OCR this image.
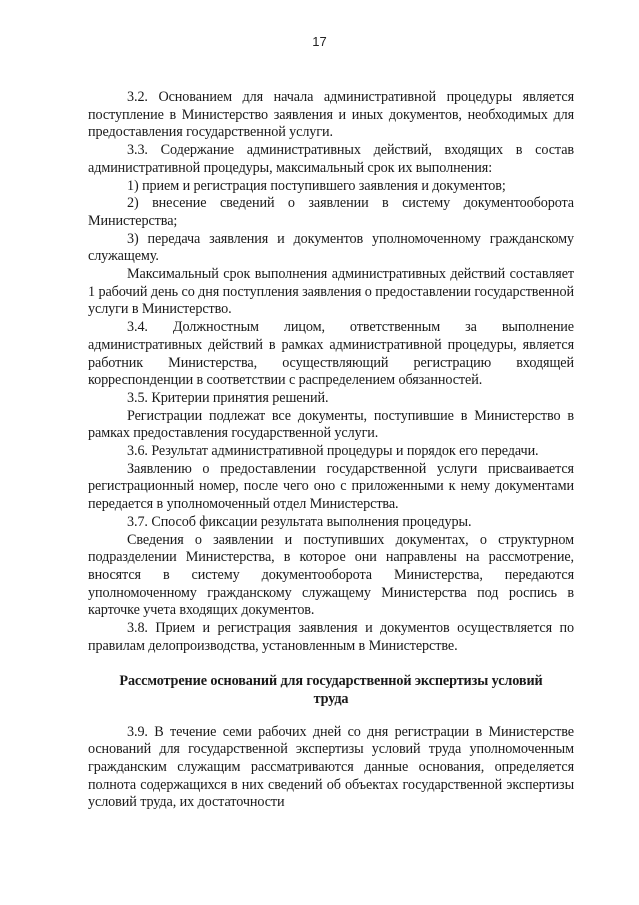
17

3.2. Основанием для начала административной процедуры является поступление в Министерство заявления и иных документов, необходимых для предоставления государственной услуги.

3.3. Содержание административных действий, входящих в состав административной процедуры, максимальный срок их выполнения:

1) прием и регистрация поступившего заявления и документов;

2) внесение сведений о заявлении в систему документооборота Министерства;

3) передача заявления и документов уполномоченному гражданскому служащему.

Максимальный срок выполнения административных действий составляет 1 рабочий день со дня поступления заявления о предоставлении государственной услуги в Министерство.

3.4. Должностным лицом, ответственным за выполнение административных действий в рамках административной процедуры, является работник Министерства, осуществляющий регистрацию входящей корреспонденции в соответствии с распределением обязанностей.

3.5. Критерии принятия решений.

Регистрации подлежат все документы, поступившие в Министерство в рамках предоставления государственной услуги.

3.6. Результат административной процедуры и порядок его передачи.

Заявлению о предоставлении государственной услуги присваивается регистрационный номер, после чего оно с приложенными к нему документами передается в уполномоченный отдел Министерства.

3.7. Способ фиксации результата выполнения процедуры.

Сведения о заявлении и поступивших документах, о структурном подразделении Министерства, в которое они направлены на рассмотрение, вносятся в систему документооборота Министерства, передаются уполномоченному гражданскому служащему Министерства под роспись в карточке учета входящих документов.

3.8. Прием и регистрация заявления и документов осуществляется по правилам делопроизводства, установленным в Министерстве.

Рассмотрение оснований для государственной экспертизы условий труда

3.9. В течение семи рабочих дней со дня регистрации в Министерстве оснований для государственной экспертизы условий труда уполномоченным гражданским служащим рассматриваются данные основания, определяется полнота содержащихся в них сведений об объектах государственной экспертизы условий труда, их достаточности
